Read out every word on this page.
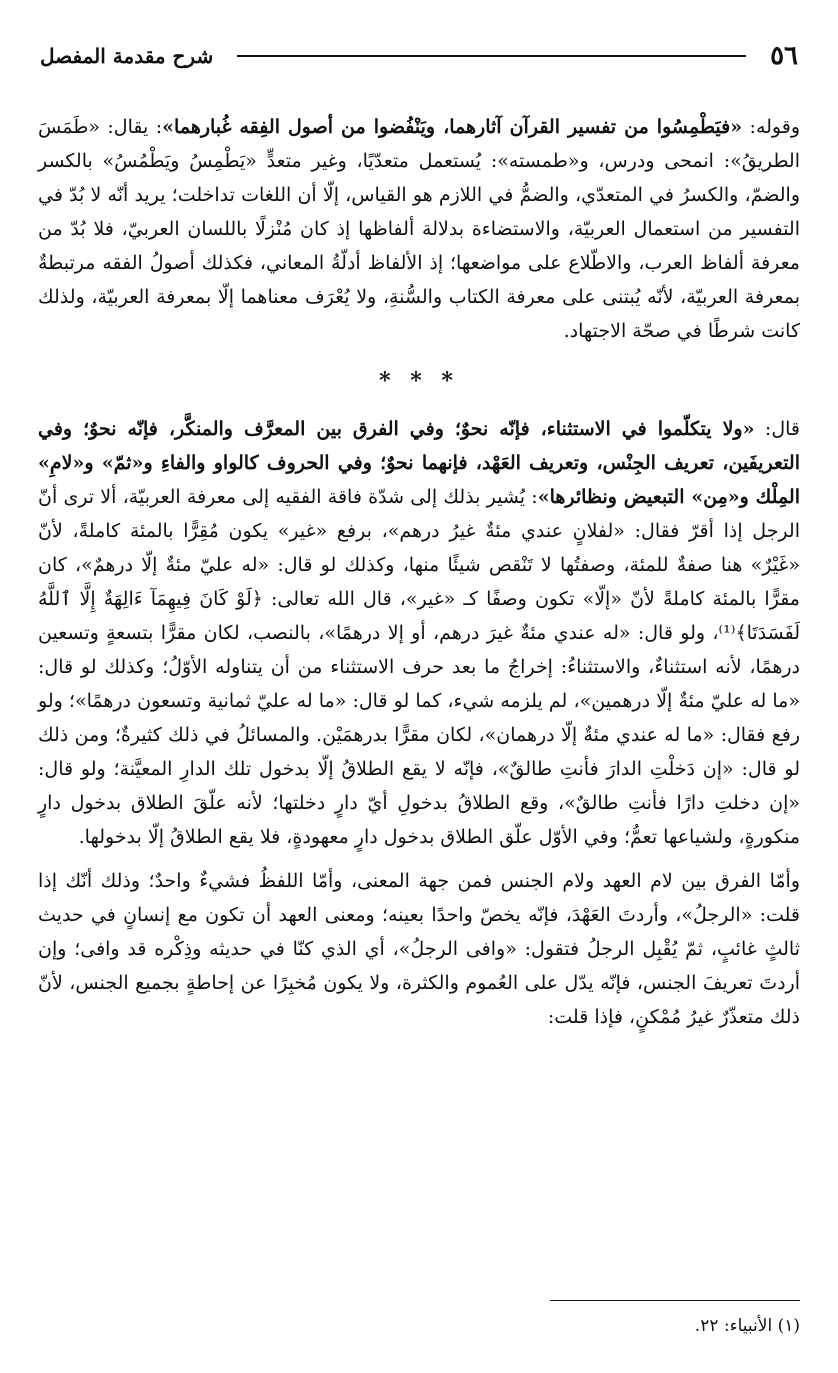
٥٦
شرح مقدمة المفصل

وقوله: «فيَطْمِسُوا من تفسير القرآن آثارهما، ويَنْفُضوا من أصول الفِقه غُبارهما»: يقال: «طَمَسَ الطريقُ»: انمحى ودرس، و«طمسته»: يُستعمل متعدّيًا، وغير متعدٍّ «يَطْمِسُ ويَطْمُسُ» بالكسر والضمّ، والكسرُ في المتعدّي، والضمُّ في اللازم هو القياس، إلّا أن اللغات تداخلت؛ يريد أنّه لا بُدّ في التفسير من استعمال العربيّة، والاستضاءة بدلالة ألفاظها إذ كان مُنْزلًا باللسان العربيّ، فلا بُدّ من معرفة ألفاظ العرب، والاطّلاع على مواضعها؛ إذ الألفاظ أدلّةُ المعاني، فكذلك أصولُ الفقه مرتبطةٌ بمعرفة العربيّة، لأنّه يُبتنى على معرفة الكتاب والسُّنةِ، ولا يُعْرَف معناهما إلّا بمعرفة العربيّة، ولذلك كانت شرطًا في صحّة الاجتهاد.

* * *

قال: «ولا يتكلّموا في الاستثناء، فإنّه نحوٌ؛ وفي الفرق بين المعرَّف والمنكَّر، فإنّه نحوٌ؛ وفي التعريفَين، تعريف الجِنْس، وتعريف العَهْد، فإنهما نحوٌ؛ وفي الحروف كالواو والفاءِ و«ثمّ» و«لامِ» المِلْك و«مِن» التبعيض ونظائرها»: يُشير بذلك إلى شدّة فاقة الفقيه إلى معرفة العربيّة، ألا ترى أنّ الرجل إذا أقرّ فقال: «لفلانٍ عندي مئةٌ غيرُ درهم»، برفع «غير» يكون مُقِرًّا بالمئة كاملةً، لأنّ «غَيْرٌ» هنا صفةٌ للمئة، وصفتُها لا تَنْقص شيئًا منها، وكذلك لو قال: «له عليّ مئةٌ إلّا درهمٌ»، كان مقرًّا بالمئة كاملةً لأنّ «إلّا» تكون وصفًا كـ «غير»، قال الله تعالى: ﴿لَوْ كَانَ فِيهِمَآ ءَالِهَةٌ إِلَّا ٱللَّهُ لَفَسَدَتَا﴾⁽¹⁾، ولو قال: «له عندي مئةٌ غيرَ درهم، أو إلا درهمًا»، بالنصب، لكان مقرًّا بتسعةٍ وتسعين درهمًا، لأنه استثناءٌ، والاستثناءُ: إخراجُ ما بعد حرف الاستثناء من أن يتناوله الأوّلُ؛ وكذلك لو قال: «ما له عليّ مئةٌ إلّا درهمين»، لم يلزمه شيء، كما لو قال: «ما له عليّ ثمانية وتسعون درهمًا»؛ ولو رفع فقال: «ما له عندي مئةٌ إلّا درهمان»، لكان مقرًّا بدرهمَيْن. والمسائلُ في ذلك كثيرةٌ؛ ومن ذلك لو قال: «إن دَخلْتِ الدارَ فأنتِ طالقٌ»، فإنّه لا يقع الطلاقُ إلّا بدخول تلك الدارِ المعيَّنة؛ ولو قال: «إن دخلتِ دارًا فأنتِ طالقٌ»، وقع الطلاقُ بدخولِ أيّ دارٍ دخلتها؛ لأنه علّقَ الطلاق بدخول دارٍ منكورةٍ، ولشياعها تعمُّ؛ وفي الأوّل علّق الطلاق بدخول دارٍ معهودةٍ، فلا يقع الطلاقُ إلّا بدخولها.

وأمّا الفرق بين لام العهد ولام الجنس فمن جهة المعنى، وأمّا اللفظُ فشيءٌ واحدٌ؛ وذلك أنّك إذا قلت: «الرجلُ»، وأردتَ العَهْدَ، فإنّه يخصّ واحدًا بعينه؛ ومعنى العهد أن تكون مع إنسانٍ في حديث ثالثٍ غائبٍ، ثمّ يُقْبِل الرجلُ فتقول: «وافى الرجلُ»، أي الذي كنّا في حديثه وذِكْره قد وافى؛ وإن أردتَ تعريفَ الجنس، فإنّه يدّل على العُموم والكثرة، ولا يكون مُخبِرًا عن إحاطةٍ بجميع الجنس، لأنّ ذلك متعذّرٌ غيرُ مُمْكنٍ، فإذا قلت:

(١) الأنبياء: ٢٢.
